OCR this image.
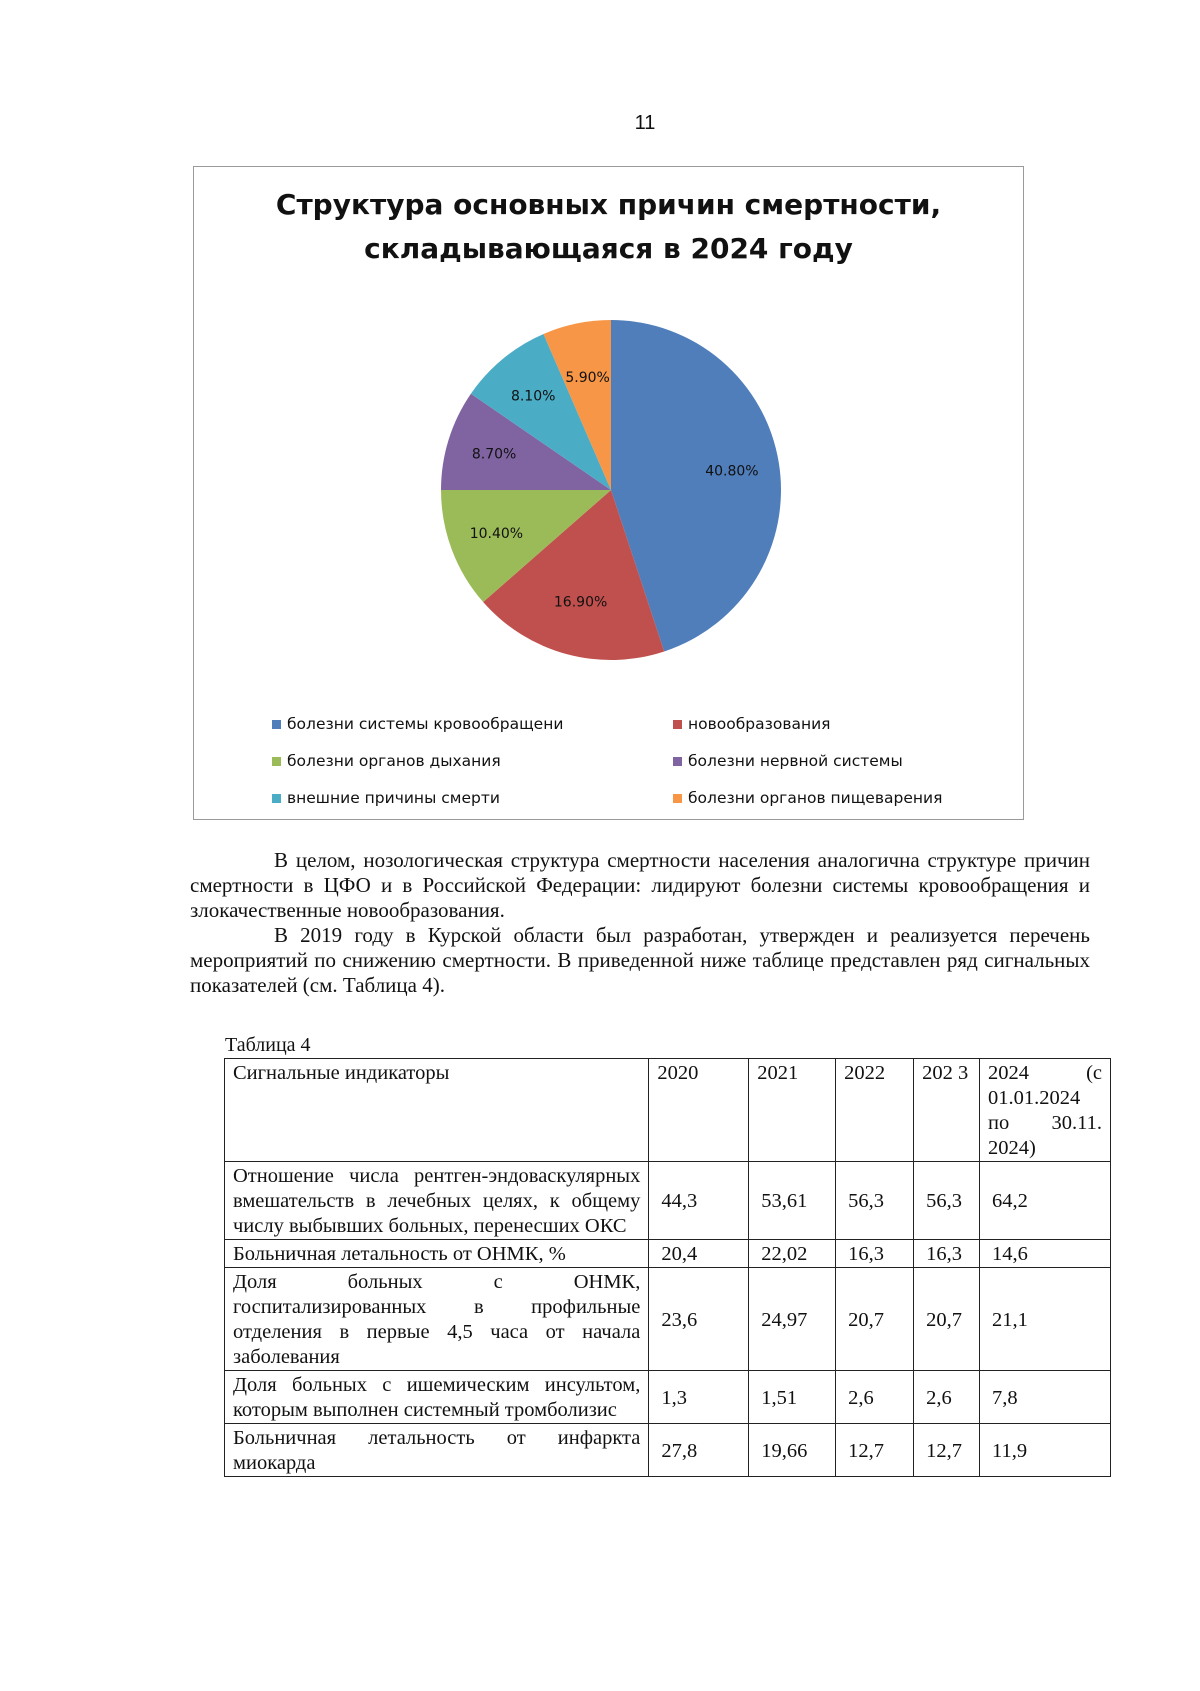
11
Структура основных причин смертности,
складывающаяся в 2024 году
40.80%
16.90%
10.40%
8.70%
8.10%
5.90%
болезни системы кровообращени	новообразования
болезни органов дыхания	болезни нервной системы
внешние причины смерти	болезни органов пищеварения

В целом, нозологическая структура смертности населения аналогична структуре причин смертности в ЦФО и в Российской Федерации: лидируют болезни системы кровообращения и злокачественные новообразования.

В 2019 году в Курской области был разработан, утвержден и реализуется перечень мероприятий по снижению смертности. В приведенной ниже таблице представлен ряд сигнальных показателей (см. Таблица 4).

Таблица 4
Сигнальные индикаторы	2020	2021	2022	202 3	2024 (с 01.01.2024 по 30.11. 2024)
Отношение числа рентген-эндоваскулярных вмешательств в лечебных целях, к общему числу выбывших больных, перенесших ОКС	44,3	53,61	56,3	56,3	64,2
Больничная летальность от ОНМК, %	20,4	22,02	16,3	16,3	14,6
Доля больных с ОНМК, госпитализированных в профильные отделения в первые 4,5 часа от начала заболевания	23,6	24,97	20,7	20,7	21,1
Доля больных с ишемическим инсультом, которым выполнен системный тромболизис	1,3	1,51	2,6	2,6	7,8
Больничная летальность от инфаркта миокарда	27,8	19,66	12,7	12,7	11,9
